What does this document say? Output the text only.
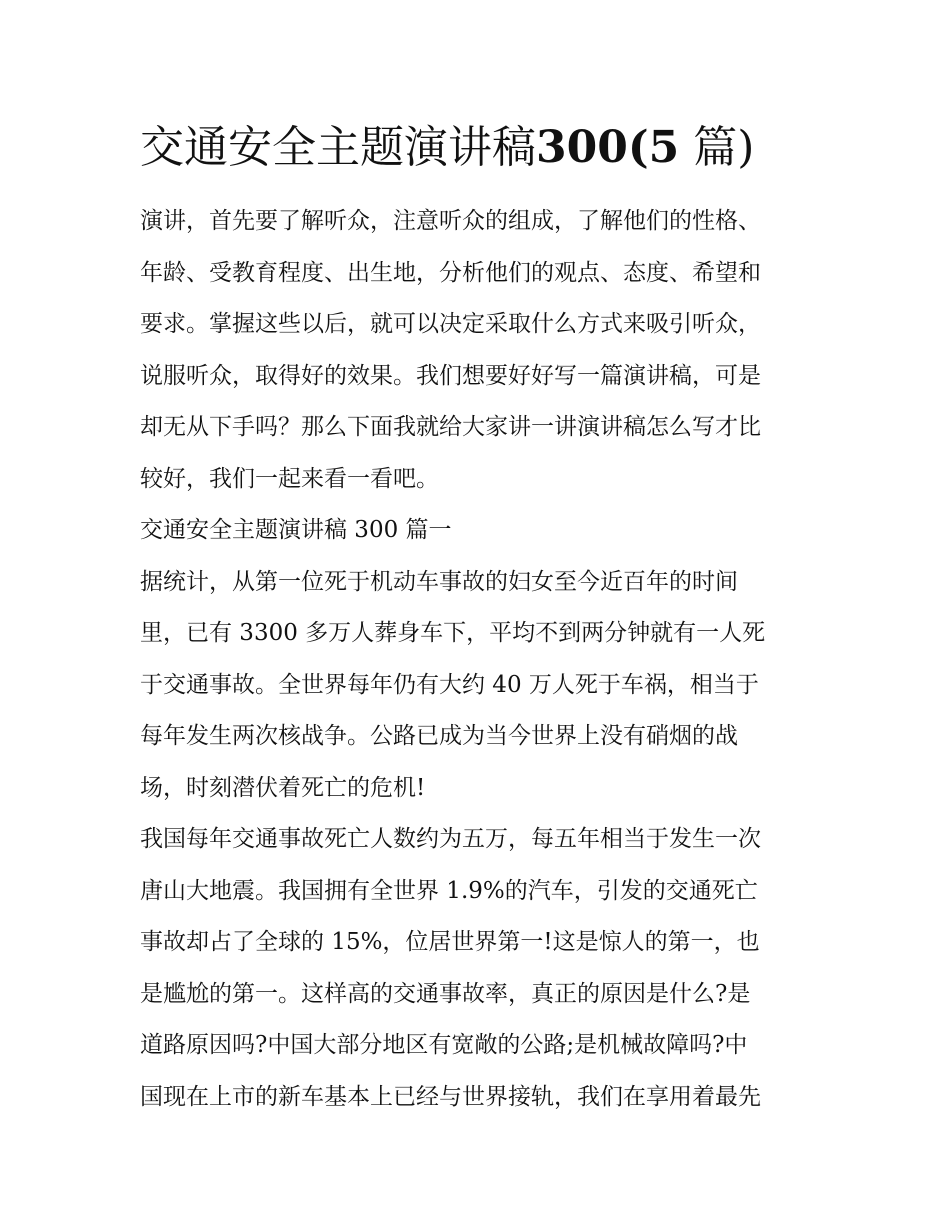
交通安全主题演讲稿300(5 篇)
演讲，首先要了解听众，注意听众的组成，了解他们的性格、
年龄、受教育程度、出生地，分析他们的观点、态度、希望和
要求。掌握这些以后，就可以决定采取什么方式来吸引听众，
说服听众，取得好的效果。我们想要好好写一篇演讲稿，可是
却无从下手吗？那么下面我就给大家讲一讲演讲稿怎么写才比
较好，我们一起来看一看吧。
交通安全主题演讲稿 300 篇一
据统计，从第一位死于机动车事故的妇女至今近百年的时间
里，已有 3300 多万人葬身车下，平均不到两分钟就有一人死
于交通事故。全世界每年仍有大约 40 万人死于车祸，相当于
每年发生两次核战争。公路已成为当今世界上没有硝烟的战
场，时刻潜伏着死亡的危机!
我国每年交通事故死亡人数约为五万，每五年相当于发生一次
唐山大地震。我国拥有全世界 1.9%的汽车，引发的交通死亡
事故却占了全球的 15%，位居世界第一!这是惊人的第一，也
是尴尬的第一。这样高的交通事故率，真正的原因是什么?是
道路原因吗?中国大部分地区有宽敞的公路;是机械故障吗?中
国现在上市的新车基本上已经与世界接轨，我们在享用着最先
